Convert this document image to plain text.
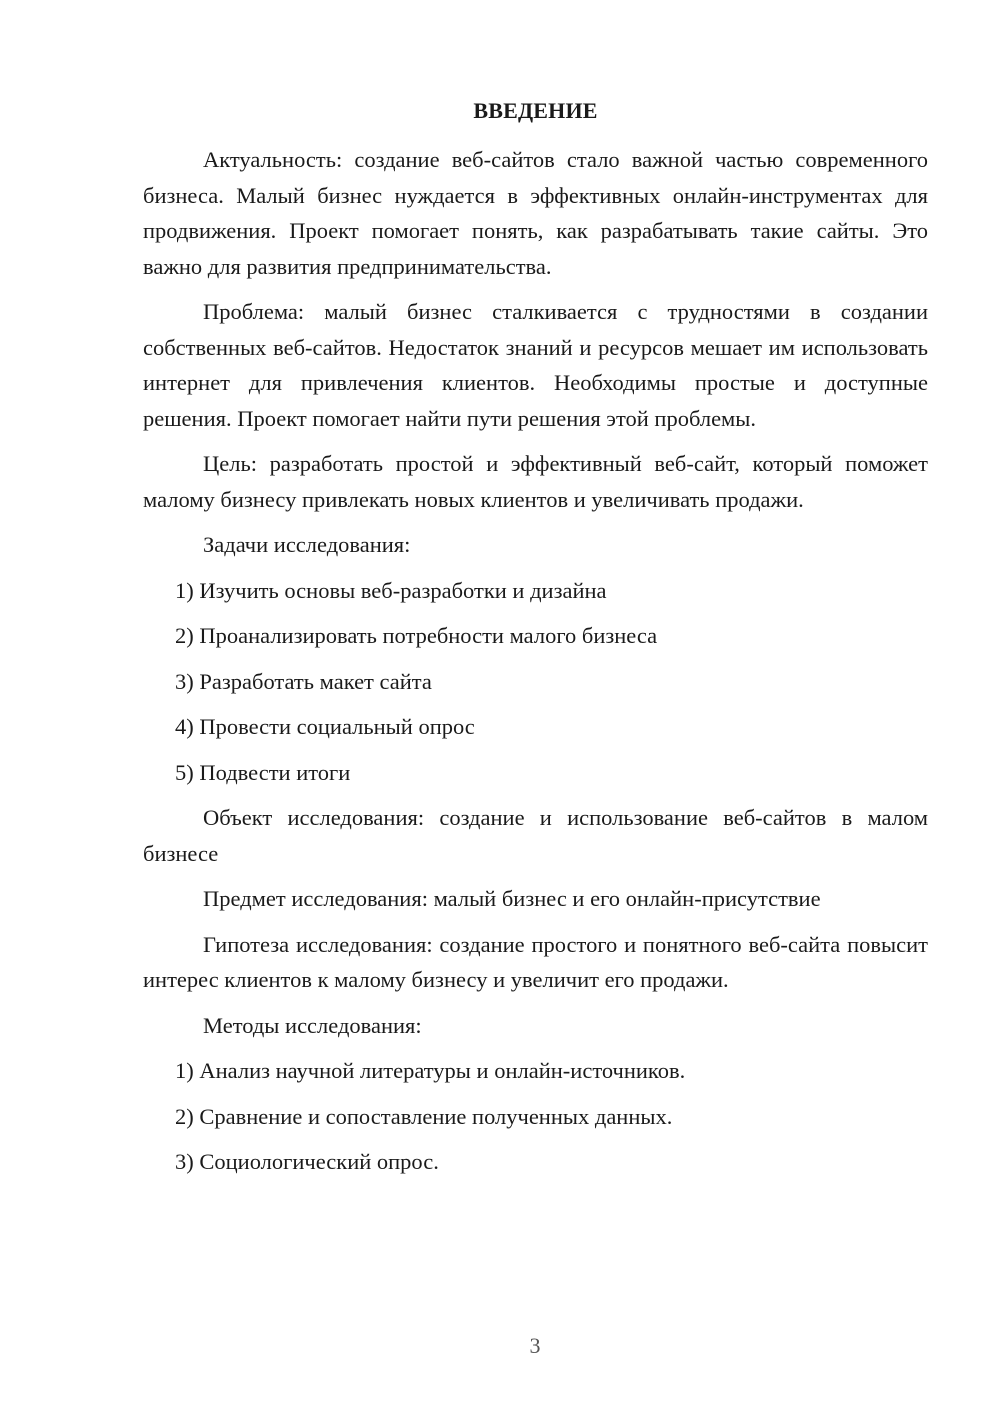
ВВЕДЕНИЕ

Актуальность: создание веб-сайтов стало важной частью современного бизнеса. Малый бизнес нуждается в эффективных онлайн-инструментах для продвижения. Проект помогает понять, как разрабатывать такие сайты. Это важно для развития предпринимательства.

Проблема: малый бизнес сталкивается с трудностями в создании собственных веб-сайтов. Недостаток знаний и ресурсов мешает им использовать интернет для привлечения клиентов. Необходимы простые и доступные решения. Проект помогает найти пути решения этой проблемы.

Цель: разработать простой и эффективный веб-сайт, который поможет малому бизнесу привлекать новых клиентов и увеличивать продажи.

Задачи исследования:

1) Изучить основы веб-разработки и дизайна

2) Проанализировать потребности малого бизнеса

3) Разработать макет сайта

4) Провести социальный опрос

5) Подвести итоги

Объект исследования: создание и использование веб-сайтов в малом бизнесе

Предмет исследования: малый бизнес и его онлайн-присутствие

Гипотеза исследования: создание простого и понятного веб-сайта повысит интерес клиентов к малому бизнесу и увеличит его продажи.

Методы исследования:

1) Анализ научной литературы и онлайн-источников.

2) Сравнение и сопоставление полученных данных.

3) Социологический опрос.

3
